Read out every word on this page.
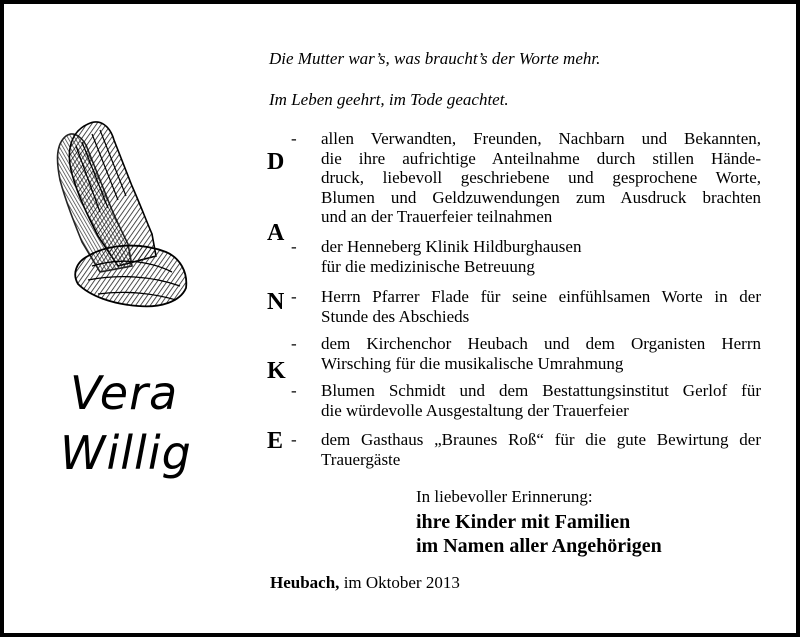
Die Mutter war’s, was braucht’s der Worte mehr.
Im Leben geehrt, im Tode geachtet.
Vera
Willig
D
A
N
K
E
- allen Verwandten, Freunden, Nachbarn und Bekannten,
die ihre aufrichtige Anteilnahme durch stillen Hände-
druck, liebevoll geschriebene und gesprochene Worte,
Blumen und Geldzuwendungen zum Ausdruck brachten
und an der Trauerfeier teilnahmen
- der Henneberg Klinik Hildburghausen
für die medizinische Betreuung
- Herrn Pfarrer Flade für seine einfühlsamen Worte in der
Stunde des Abschieds
- dem Kirchenchor Heubach und dem Organisten Herrn
Wirsching für die musikalische Umrahmung
- Blumen Schmidt und dem Bestattungsinstitut Gerlof für
die würdevolle Ausgestaltung der Trauerfeier
- dem Gasthaus „Braunes Roß“ für die gute Bewirtung der
Trauergäste
In liebevoller Erinnerung:
ihre Kinder mit Familien
im Namen aller Angehörigen
Heubach, im Oktober 2013
